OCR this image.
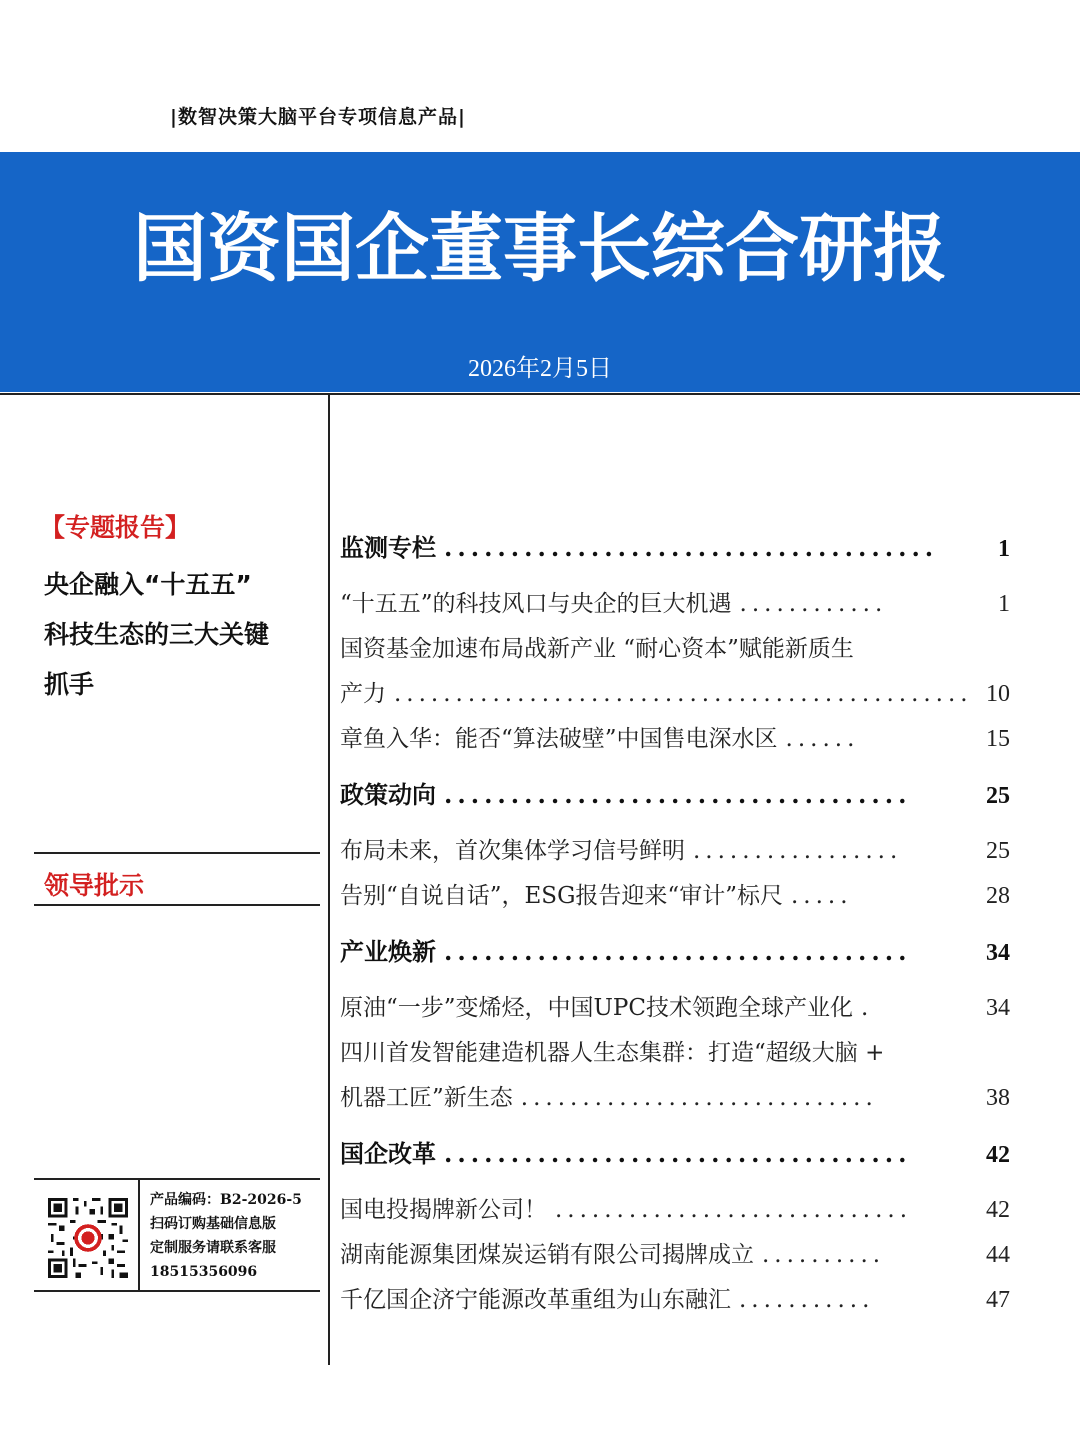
|数智决策大脑平台专项信息产品|
国资国企董事长综合研报
2026年2月5日
【专题报告】
央企融入“十五五”
科技生态的三大关键
抓手
领导批示
产品编码：B2-2026-5
扫码订购基础信息版
定制服务请联系客服
18515356096
监测专栏 .....................................	1
“十五五”的科技风口与央企的巨大机遇 ............	1
国资基金加速布局战新产业 “耐心资本”赋能新质生
产力 ............................................... 10
章鱼入华：能否“算法破壁”中国售电深水区 ......	15
政策动向 ...................................	25
布局未来，首次集体学习信号鲜明 .................	25
告别“自说自话”，ESG报告迎来“审计”标尺 .....	28
产业焕新 ...................................	34
原油“一步”变烯烃，中国UPC技术领跑全球产业化 .	34
四川首发智能建造机器人生态集群：打造“超级大脑 +
机器工匠”新生态 .............................	38
国企改革 ...................................	42
国电投揭牌新公司！ .............................	42
湖南能源集团煤炭运销有限公司揭牌成立 ..........	44
千亿国企济宁能源改革重组为山东融汇 ...........	47
